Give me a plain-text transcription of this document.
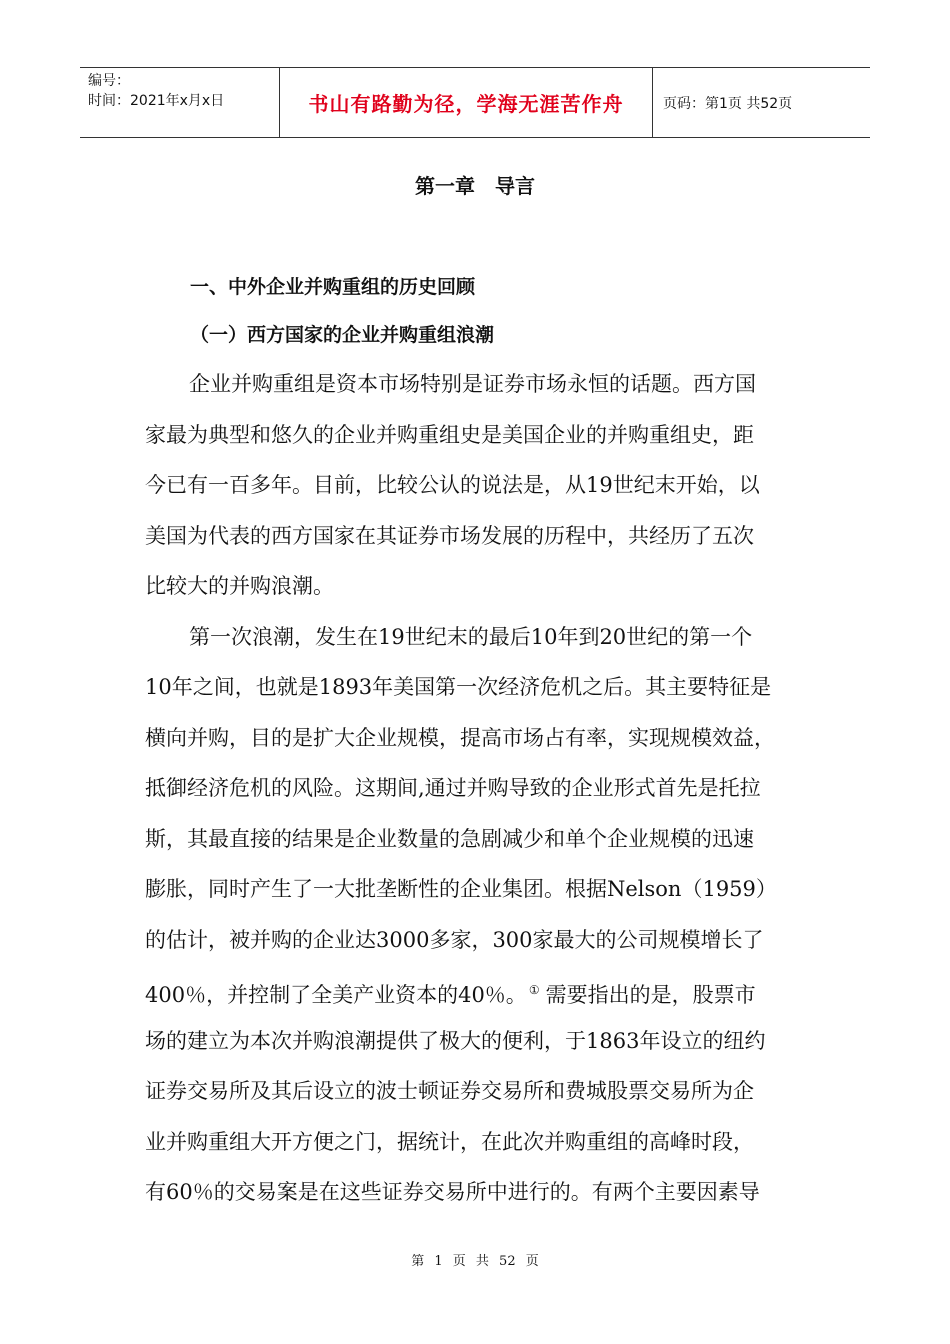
编号：
时间：2021年x月x日	书山有路勤为径，学海无涯苦作舟	页码：第1页 共52页
第一章 导言
一、中外企业并购重组的历史回顾
（一）西方国家的企业并购重组浪潮
企业并购重组是资本市场特别是证券市场永恒的话题。西方国
家最为典型和悠久的企业并购重组史是美国企业的并购重组史，距
今已有一百多年。目前，比较公认的说法是，从19世纪末开始，以
美国为代表的西方国家在其证券市场发展的历程中，共经历了五次
比较大的并购浪潮。
第一次浪潮，发生在19世纪末的最后10年到20世纪的第一个
10年之间，也就是1893年美国第一次经济危机之后。其主要特征是
横向并购，目的是扩大企业规模，提高市场占有率，实现规模效益，
抵御经济危机的风险。这期间,通过并购导致的企业形式首先是托拉
斯，其最直接的结果是企业数量的急剧减少和单个企业规模的迅速
膨胀，同时产生了一大批垄断性的企业集团。根据Nelson（1959）
的估计，被并购的企业达3000多家，300家最大的公司规模增长了
400％，并控制了全美产业资本的40％。 ① 需要指出的是，股票市
场的建立为本次并购浪潮提供了极大的便利，于1863年设立的纽约
证券交易所及其后设立的波士顿证券交易所和费城股票交易所为企
业并购重组大开方便之门，据统计，在此次并购重组的高峰时段，
有60％的交易案是在这些证券交易所中进行的。有两个主要因素导
第 1 页 共 52 页
